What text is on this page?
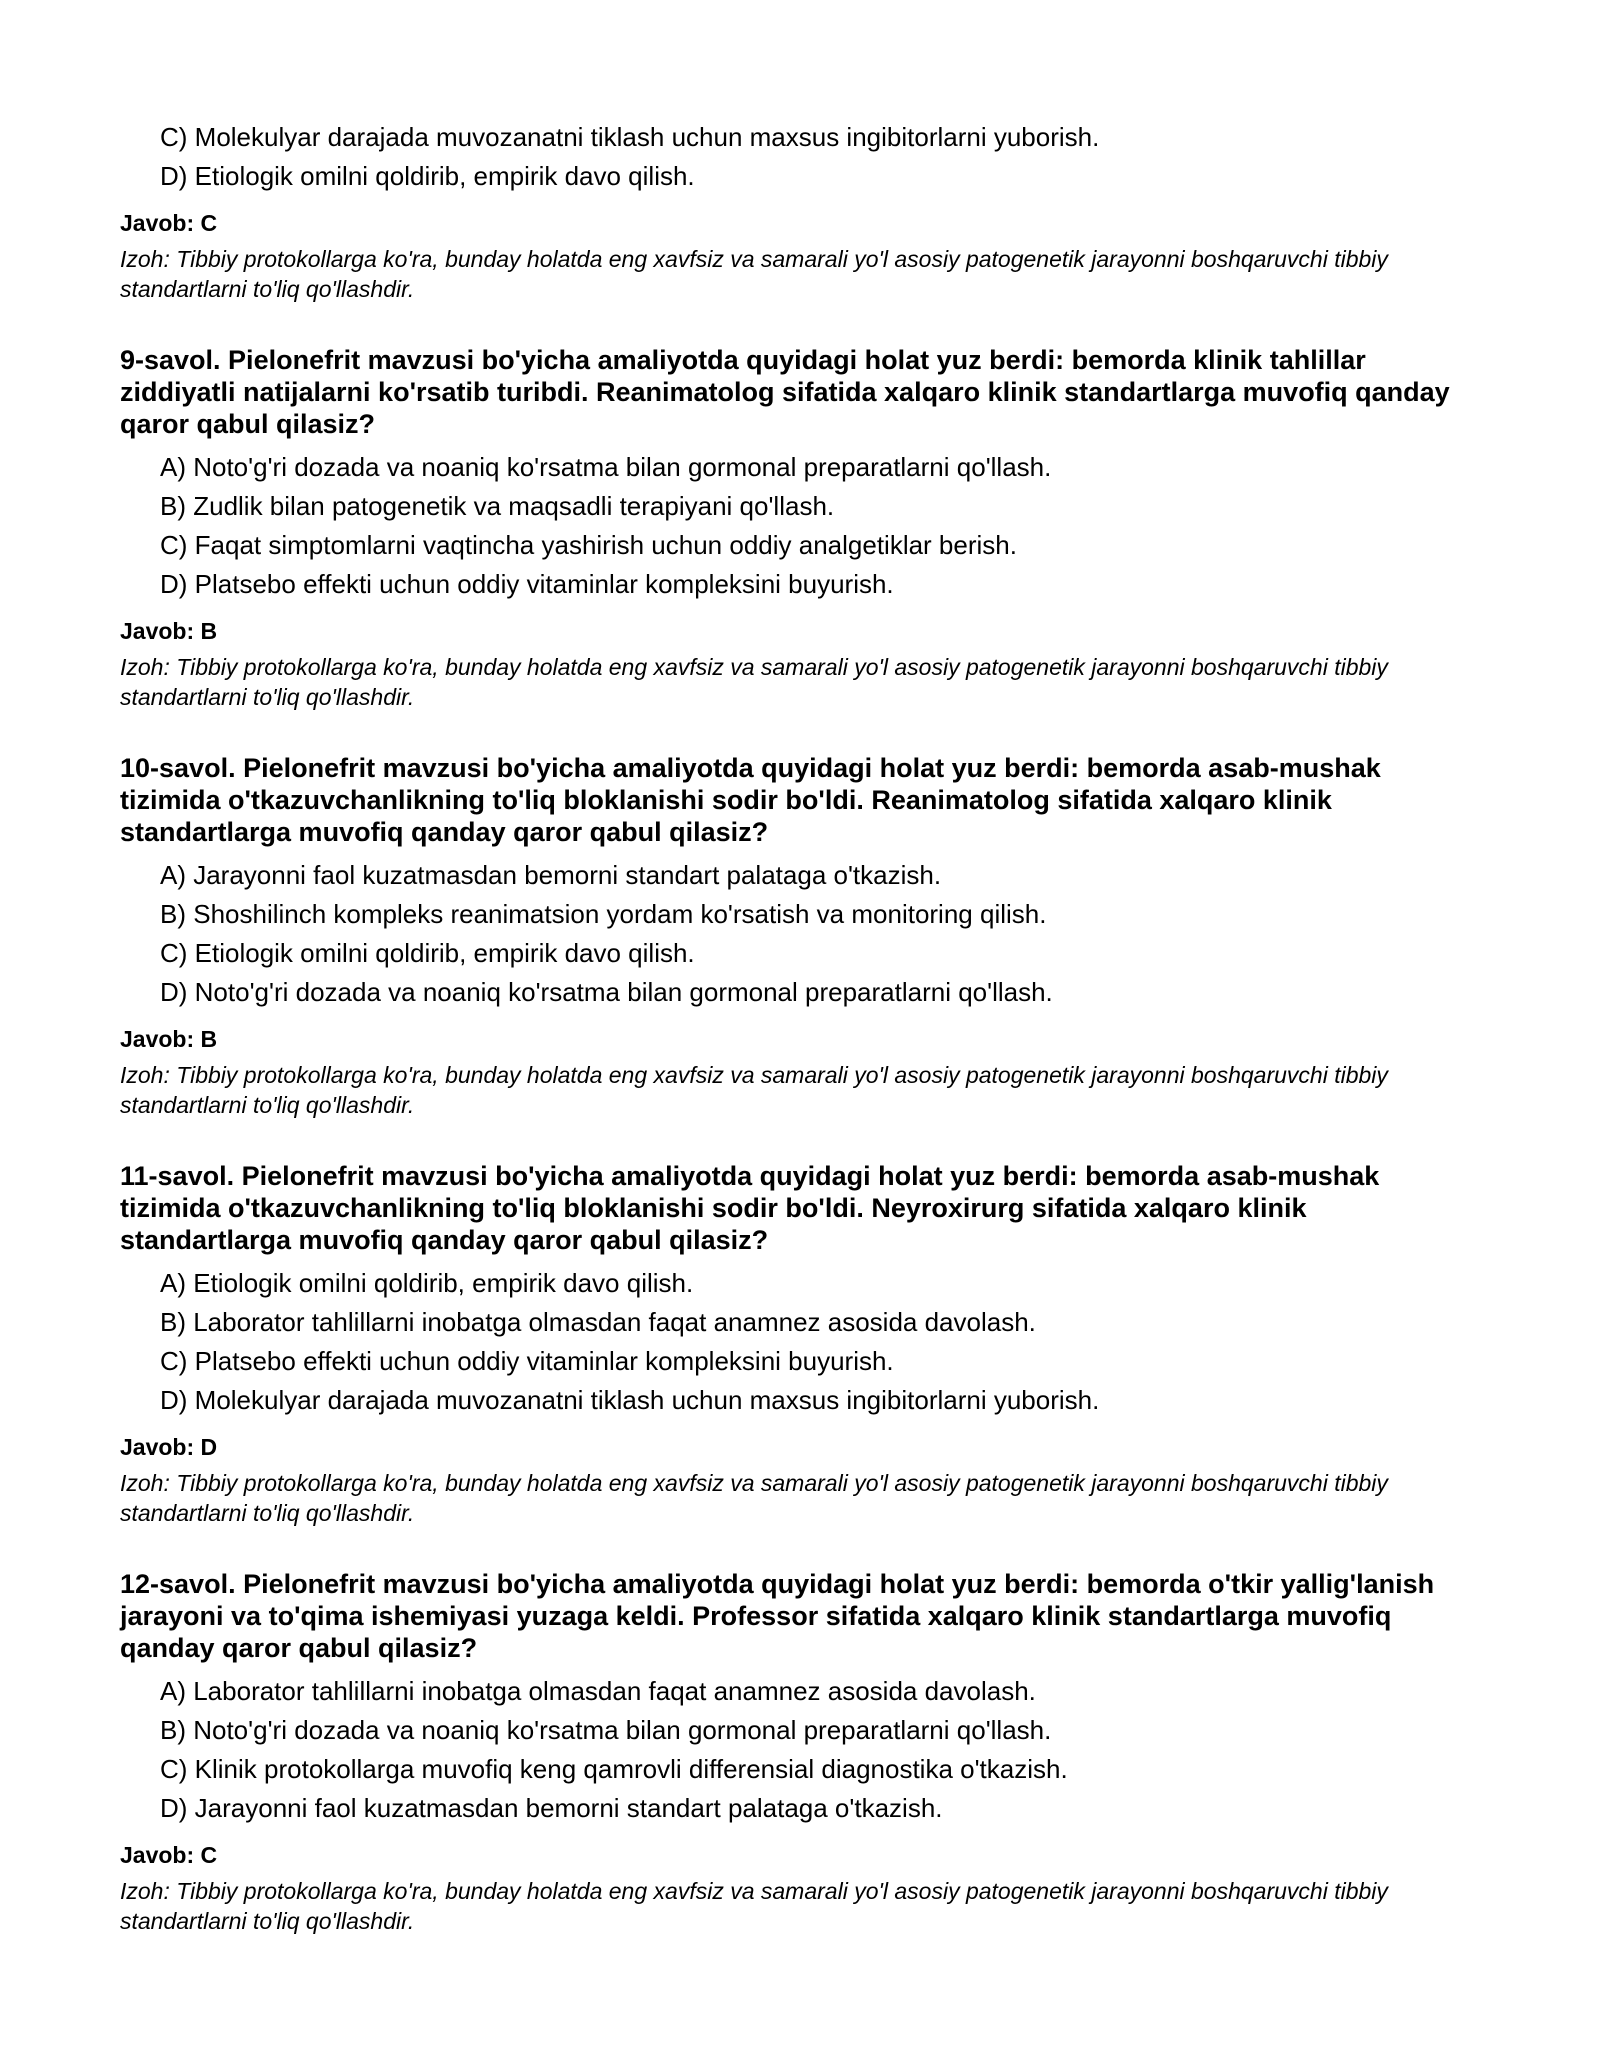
C) Molekulyar darajada muvozanatni tiklash uchun maxsus ingibitorlarni yuborish.
D) Etiologik omilni qoldirib, empirik davo qilish.
Javob: C
Izoh: Tibbiy protokollarga ko'ra, bunday holatda eng xavfsiz va samarali yo'l asosiy patogenetik jarayonni boshqaruvchi tibbiy standartlarni to'liq qo'llashdir.
9-savol. Pielonefrit mavzusi bo'yicha amaliyotda quyidagi holat yuz berdi: bemorda klinik tahlillar ziddiyatli natijalarni ko'rsatib turibdi. Reanimatolog sifatida xalqaro klinik standartlarga muvofiq qanday qaror qabul qilasiz?
A) Noto'g'ri dozada va noaniq ko'rsatma bilan gormonal preparatlarni qo'llash.
B) Zudlik bilan patogenetik va maqsadli terapiyani qo'llash.
C) Faqat simptomlarni vaqtincha yashirish uchun oddiy analgetiklar berish.
D) Platsebo effekti uchun oddiy vitaminlar kompleksini buyurish.
Javob: B
Izoh: Tibbiy protokollarga ko'ra, bunday holatda eng xavfsiz va samarali yo'l asosiy patogenetik jarayonni boshqaruvchi tibbiy standartlarni to'liq qo'llashdir.
10-savol. Pielonefrit mavzusi bo'yicha amaliyotda quyidagi holat yuz berdi: bemorda asab-mushak tizimida o'tkazuvchanlikning to'liq bloklanishi sodir bo'ldi. Reanimatolog sifatida xalqaro klinik standartlarga muvofiq qanday qaror qabul qilasiz?
A) Jarayonni faol kuzatmasdan bemorni standart palataga o'tkazish.
B) Shoshilinch kompleks reanimatsion yordam ko'rsatish va monitoring qilish.
C) Etiologik omilni qoldirib, empirik davo qilish.
D) Noto'g'ri dozada va noaniq ko'rsatma bilan gormonal preparatlarni qo'llash.
Javob: B
Izoh: Tibbiy protokollarga ko'ra, bunday holatda eng xavfsiz va samarali yo'l asosiy patogenetik jarayonni boshqaruvchi tibbiy standartlarni to'liq qo'llashdir.
11-savol. Pielonefrit mavzusi bo'yicha amaliyotda quyidagi holat yuz berdi: bemorda asab-mushak tizimida o'tkazuvchanlikning to'liq bloklanishi sodir bo'ldi. Neyroxirurg sifatida xalqaro klinik standartlarga muvofiq qanday qaror qabul qilasiz?
A) Etiologik omilni qoldirib, empirik davo qilish.
B) Laborator tahlillarni inobatga olmasdan faqat anamnez asosida davolash.
C) Platsebo effekti uchun oddiy vitaminlar kompleksini buyurish.
D) Molekulyar darajada muvozanatni tiklash uchun maxsus ingibitorlarni yuborish.
Javob: D
Izoh: Tibbiy protokollarga ko'ra, bunday holatda eng xavfsiz va samarali yo'l asosiy patogenetik jarayonni boshqaruvchi tibbiy standartlarni to'liq qo'llashdir.
12-savol. Pielonefrit mavzusi bo'yicha amaliyotda quyidagi holat yuz berdi: bemorda o'tkir yallig'lanish jarayoni va to'qima ishemiyasi yuzaga keldi. Professor sifatida xalqaro klinik standartlarga muvofiq qanday qaror qabul qilasiz?
A) Laborator tahlillarni inobatga olmasdan faqat anamnez asosida davolash.
B) Noto'g'ri dozada va noaniq ko'rsatma bilan gormonal preparatlarni qo'llash.
C) Klinik protokollarga muvofiq keng qamrovli differensial diagnostika o'tkazish.
D) Jarayonni faol kuzatmasdan bemorni standart palataga o'tkazish.
Javob: C
Izoh: Tibbiy protokollarga ko'ra, bunday holatda eng xavfsiz va samarali yo'l asosiy patogenetik jarayonni boshqaruvchi tibbiy standartlarni to'liq qo'llashdir.
